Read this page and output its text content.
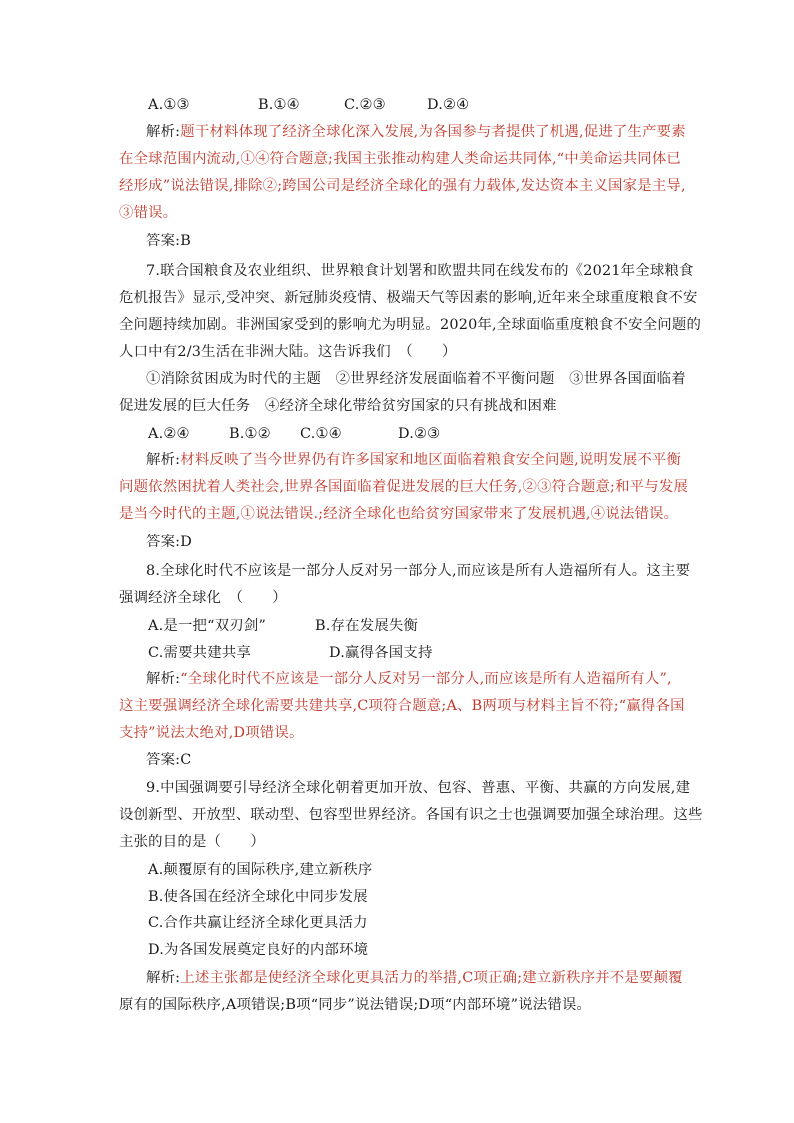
A.①③	B.①④	C.②③	D.②④
解析:题干材料体现了经济全球化深入发展,为各国参与者提供了机遇,促进了生产要素
在全球范围内流动,①④符合题意;我国主张推动构建人类命运共同体,“中美命运共同体已
经形成”说法错误,排除②;跨国公司是经济全球化的强有力载体,发达资本主义国家是主导,
③错误。
答案:B
7.联合国粮食及农业组织、世界粮食计划署和欧盟共同在线发布的《2021年全球粮食
危机报告》显示,受冲突、新冠肺炎疫情、极端天气等因素的影响,近年来全球重度粮食不安
全问题持续加剧。非洲国家受到的影响尤为明显。2020年,全球面临重度粮食不安全问题的
人口中有2/3生活在非洲大陆。这告诉我们　（　　）
①消除贫困成为时代的主题　②世界经济发展面临着不平衡问题　③世界各国面临着
促进发展的巨大任务　④经济全球化带给贫穷国家的只有挑战和困难
A.②④	B.①② C.①④	D.②③
解析:材料反映了当今世界仍有许多国家和地区面临着粮食安全问题,说明发展不平衡
问题依然困扰着人类社会,世界各国面临着促进发展的巨大任务,②③符合题意;和平与发展
是当今时代的主题,①说法错误.;经济全球化也给贫穷国家带来了发展机遇,④说法错误。
答案:D
8.全球化时代不应该是一部分人反对另一部分人,而应该是所有人造福所有人。这主要
强调经济全球化　（　　）
A.是一把“双刃剑”	B.存在发展失衡
C.需要共建共享	D.赢得各国支持
解析:“全球化时代不应该是一部分人反对另一部分人,而应该是所有人造福所有人”,
这主要强调经济全球化需要共建共享,C项符合题意;A、B两项与材料主旨不符;“赢得各国
支持”说法太绝对,D项错误。
答案:C
9.中国强调要引导经济全球化朝着更加开放、包容、普惠、平衡、共赢的方向发展,建
设创新型、开放型、联动型、包容型世界经济。各国有识之士也强调要加强全球治理。这些
主张的目的是（　　）
A.颠覆原有的国际秩序,建立新秩序
B.使各国在经济全球化中同步发展
C.合作共赢让经济全球化更具活力
D.为各国发展奠定良好的内部环境
解析:上述主张都是使经济全球化更具活力的举措,C项正确;建立新秩序并不是要颠覆
原有的国际秩序,A项错误;B项“同步”说法错误;D项“内部环境”说法错误。
